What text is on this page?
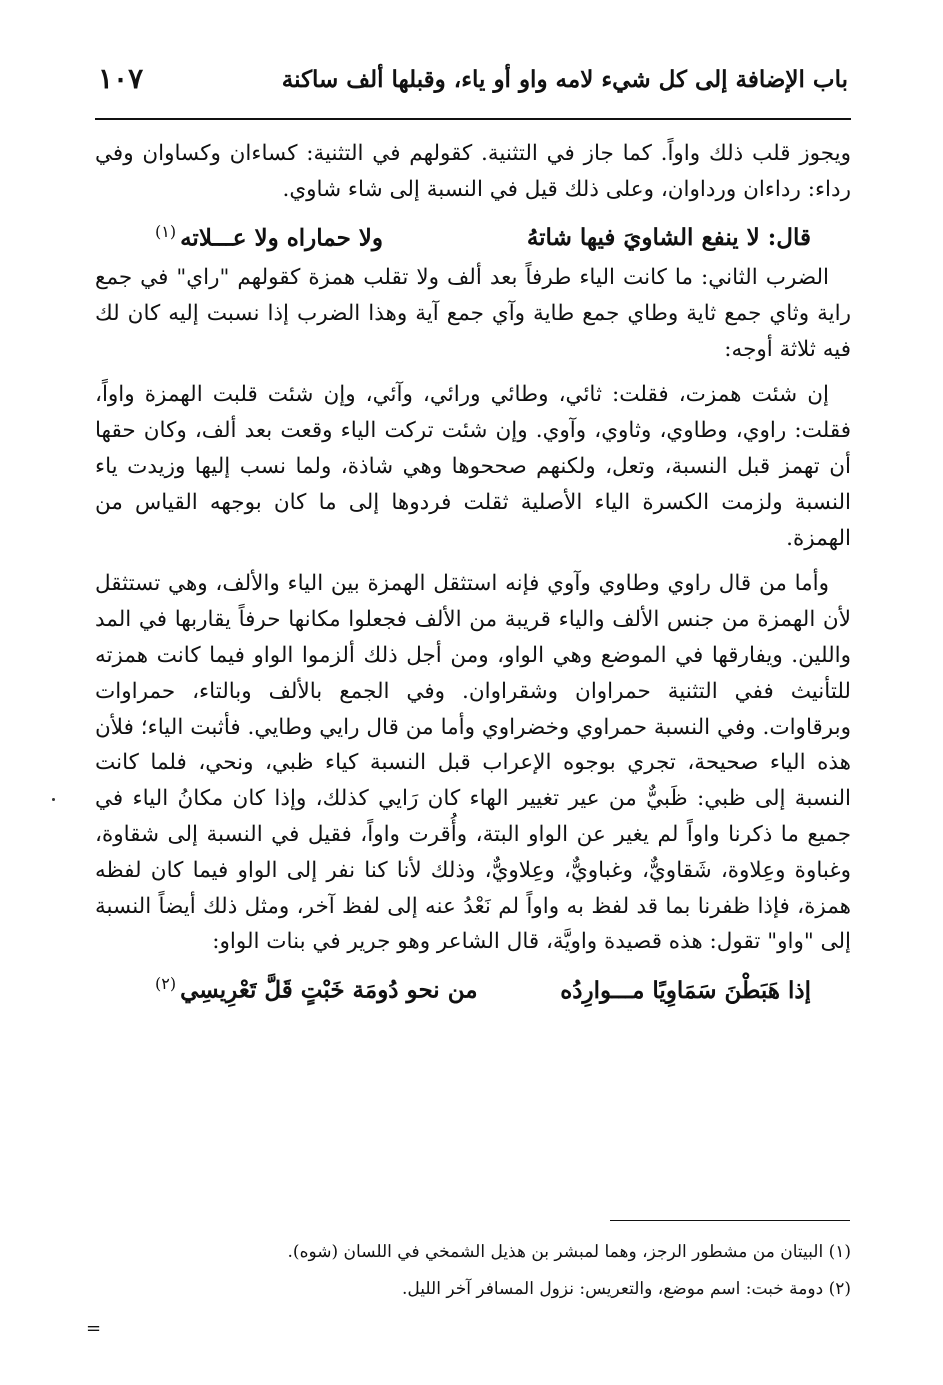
باب الإضافة إلى كل شيء لامه واو أو ياء، وقبلها ألف ساكنة
١٠٧

ويجوز قلب ذلك واواً. كما جاز في التثنية. كقولهم في التثنية: كساءان وكساوان وفي رداء: رداءان ورداوان، وعلى ذلك قيل في النسبة إلى شاء شاوي.

قال: لا ينفع الشاويَ فيها شاتهُ
ولا حماراه ولا عـــلاته$^{(١)}$

الضرب الثاني: ما كانت الياء طرفاً بعد ألف ولا تقلب همزة كقولهم "راي" في جمع راية وثاي جمع ثاية وطاي جمع طاية وآي جمع آية وهذا الضرب إذا نسبت إليه كان لك فيه ثلاثة أوجه:

إن شئت همزت، فقلت: ثائي، وطائي ورائي، وآئي، وإن شئت قلبت الهمزة واواً، فقلت: راوي، وطاوي، وثاوي، وآوي. وإن شئت تركت الياء وقعت بعد ألف، وكان حقها أن تهمز قبل النسبة، وتعل، ولكنهم صححوها وهي شاذة، ولما نسب إليها وزيدت ياء النسبة ولزمت الكسرة الياء الأصلية ثقلت فردوها إلى ما كان بوجهه القياس من الهمزة.

وأما من قال راوي وطاوي وآوي فإنه استثقل الهمزة بين الياء والألف، وهي تستثقل لأن الهمزة من جنس الألف والياء قريبة من الألف فجعلوا مكانها حرفاً يقاربها في المد واللين. ويفارقها في الموضع وهي الواو، ومن أجل ذلك ألزموا الواو فيما كانت همزته للتأنيث ففي التثنية حمراوان وشقراوان. وفي الجمع بالألف وبالتاء، حمراوات وبرقاوات. وفي النسبة حمراوي وخضراوي وأما من قال رايي وطايي. فأثبت الياء؛ فلأن هذه الياء صحيحة، تجري بوجوه الإعراب قبل النسبة كياء ظبي، ونحي، فلما كانت النسبة إلى ظبي: ظَبيٌّ من عير تغيير الهاء كان رَايي كذلك، وإذا كان مكانُ الياء في جميع ما ذكرنا واواً لم يغير عن الواو البتة، وأُقرت واواً، فقيل في النسبة إلى شقاوة، وغباوة وعِلاوة، شَقاويٌّ، وغباويٌّ، وعِلاويٌّ، وذلك لأنا كنا نفر إلى الواو فيما كان لفظه همزة، فإذا ظفرنا بما قد لفظ به واواً لم نَعْدُ عنه إلى لفظ آخر، ومثل ذلك أيضاً النسبة إلى "واو" تقول: هذه قصيدة واويَّة، قال الشاعر وهو جرير في بنات الواو:

إذا هَبَطْنَ سَمَاوِيًا مـــوارِدُه
من نحو دُومَة خَبْتٍ قَلَّ تَعْرِيسِي$^{(٢)}$

(١) البيتان من مشطور الرجز، وهما لمبشر بن هذيل الشمخي في اللسان (شوه).

(٢) دومة خبت: اسم موضع، والتعريس: نزول المسافر آخر الليل.

=
